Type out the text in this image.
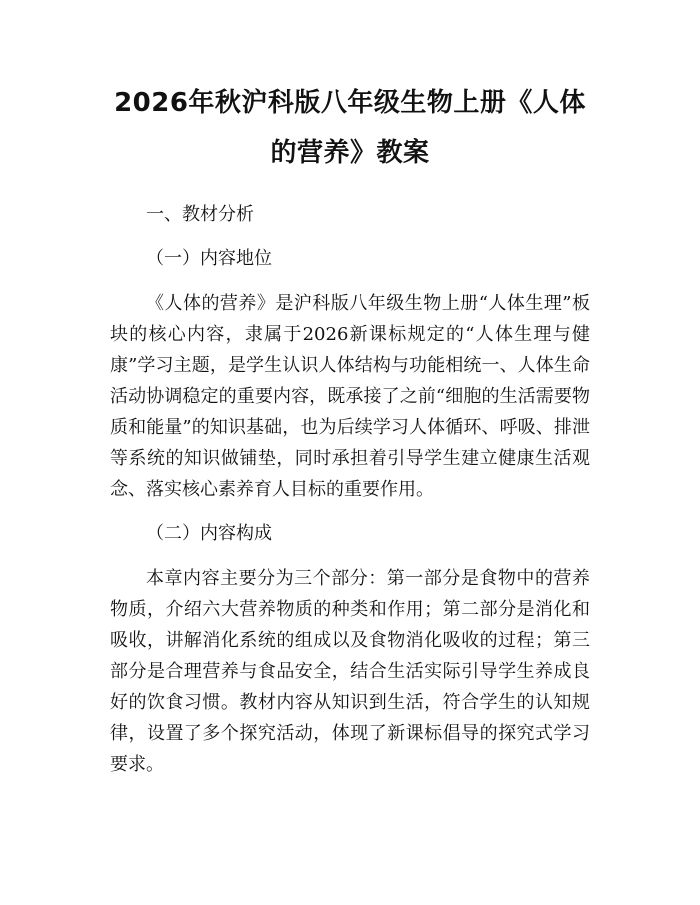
2026年秋沪科版八年级生物上册《人体的营养》教案

一、教材分析

（一）内容地位

《人体的营养》是沪科版八年级生物上册“人体生理”板块的核心内容，隶属于2026新课标规定的“人体生理与健康”学习主题，是学生认识人体结构与功能相统一、人体生命活动协调稳定的重要内容，既承接了之前“细胞的生活需要物质和能量”的知识基础，也为后续学习人体循环、呼吸、排泄等系统的知识做铺垫，同时承担着引导学生建立健康生活观念、落实核心素养育人目标的重要作用。

（二）内容构成

本章内容主要分为三个部分：第一部分是食物中的营养物质，介绍六大营养物质的种类和作用；第二部分是消化和吸收，讲解消化系统的组成以及食物消化吸收的过程；第三部分是合理营养与食品安全，结合生活实际引导学生养成良好的饮食习惯。教材内容从知识到生活，符合学生的认知规律，设置了多个探究活动，体现了新课标倡导的探究式学习要求。
